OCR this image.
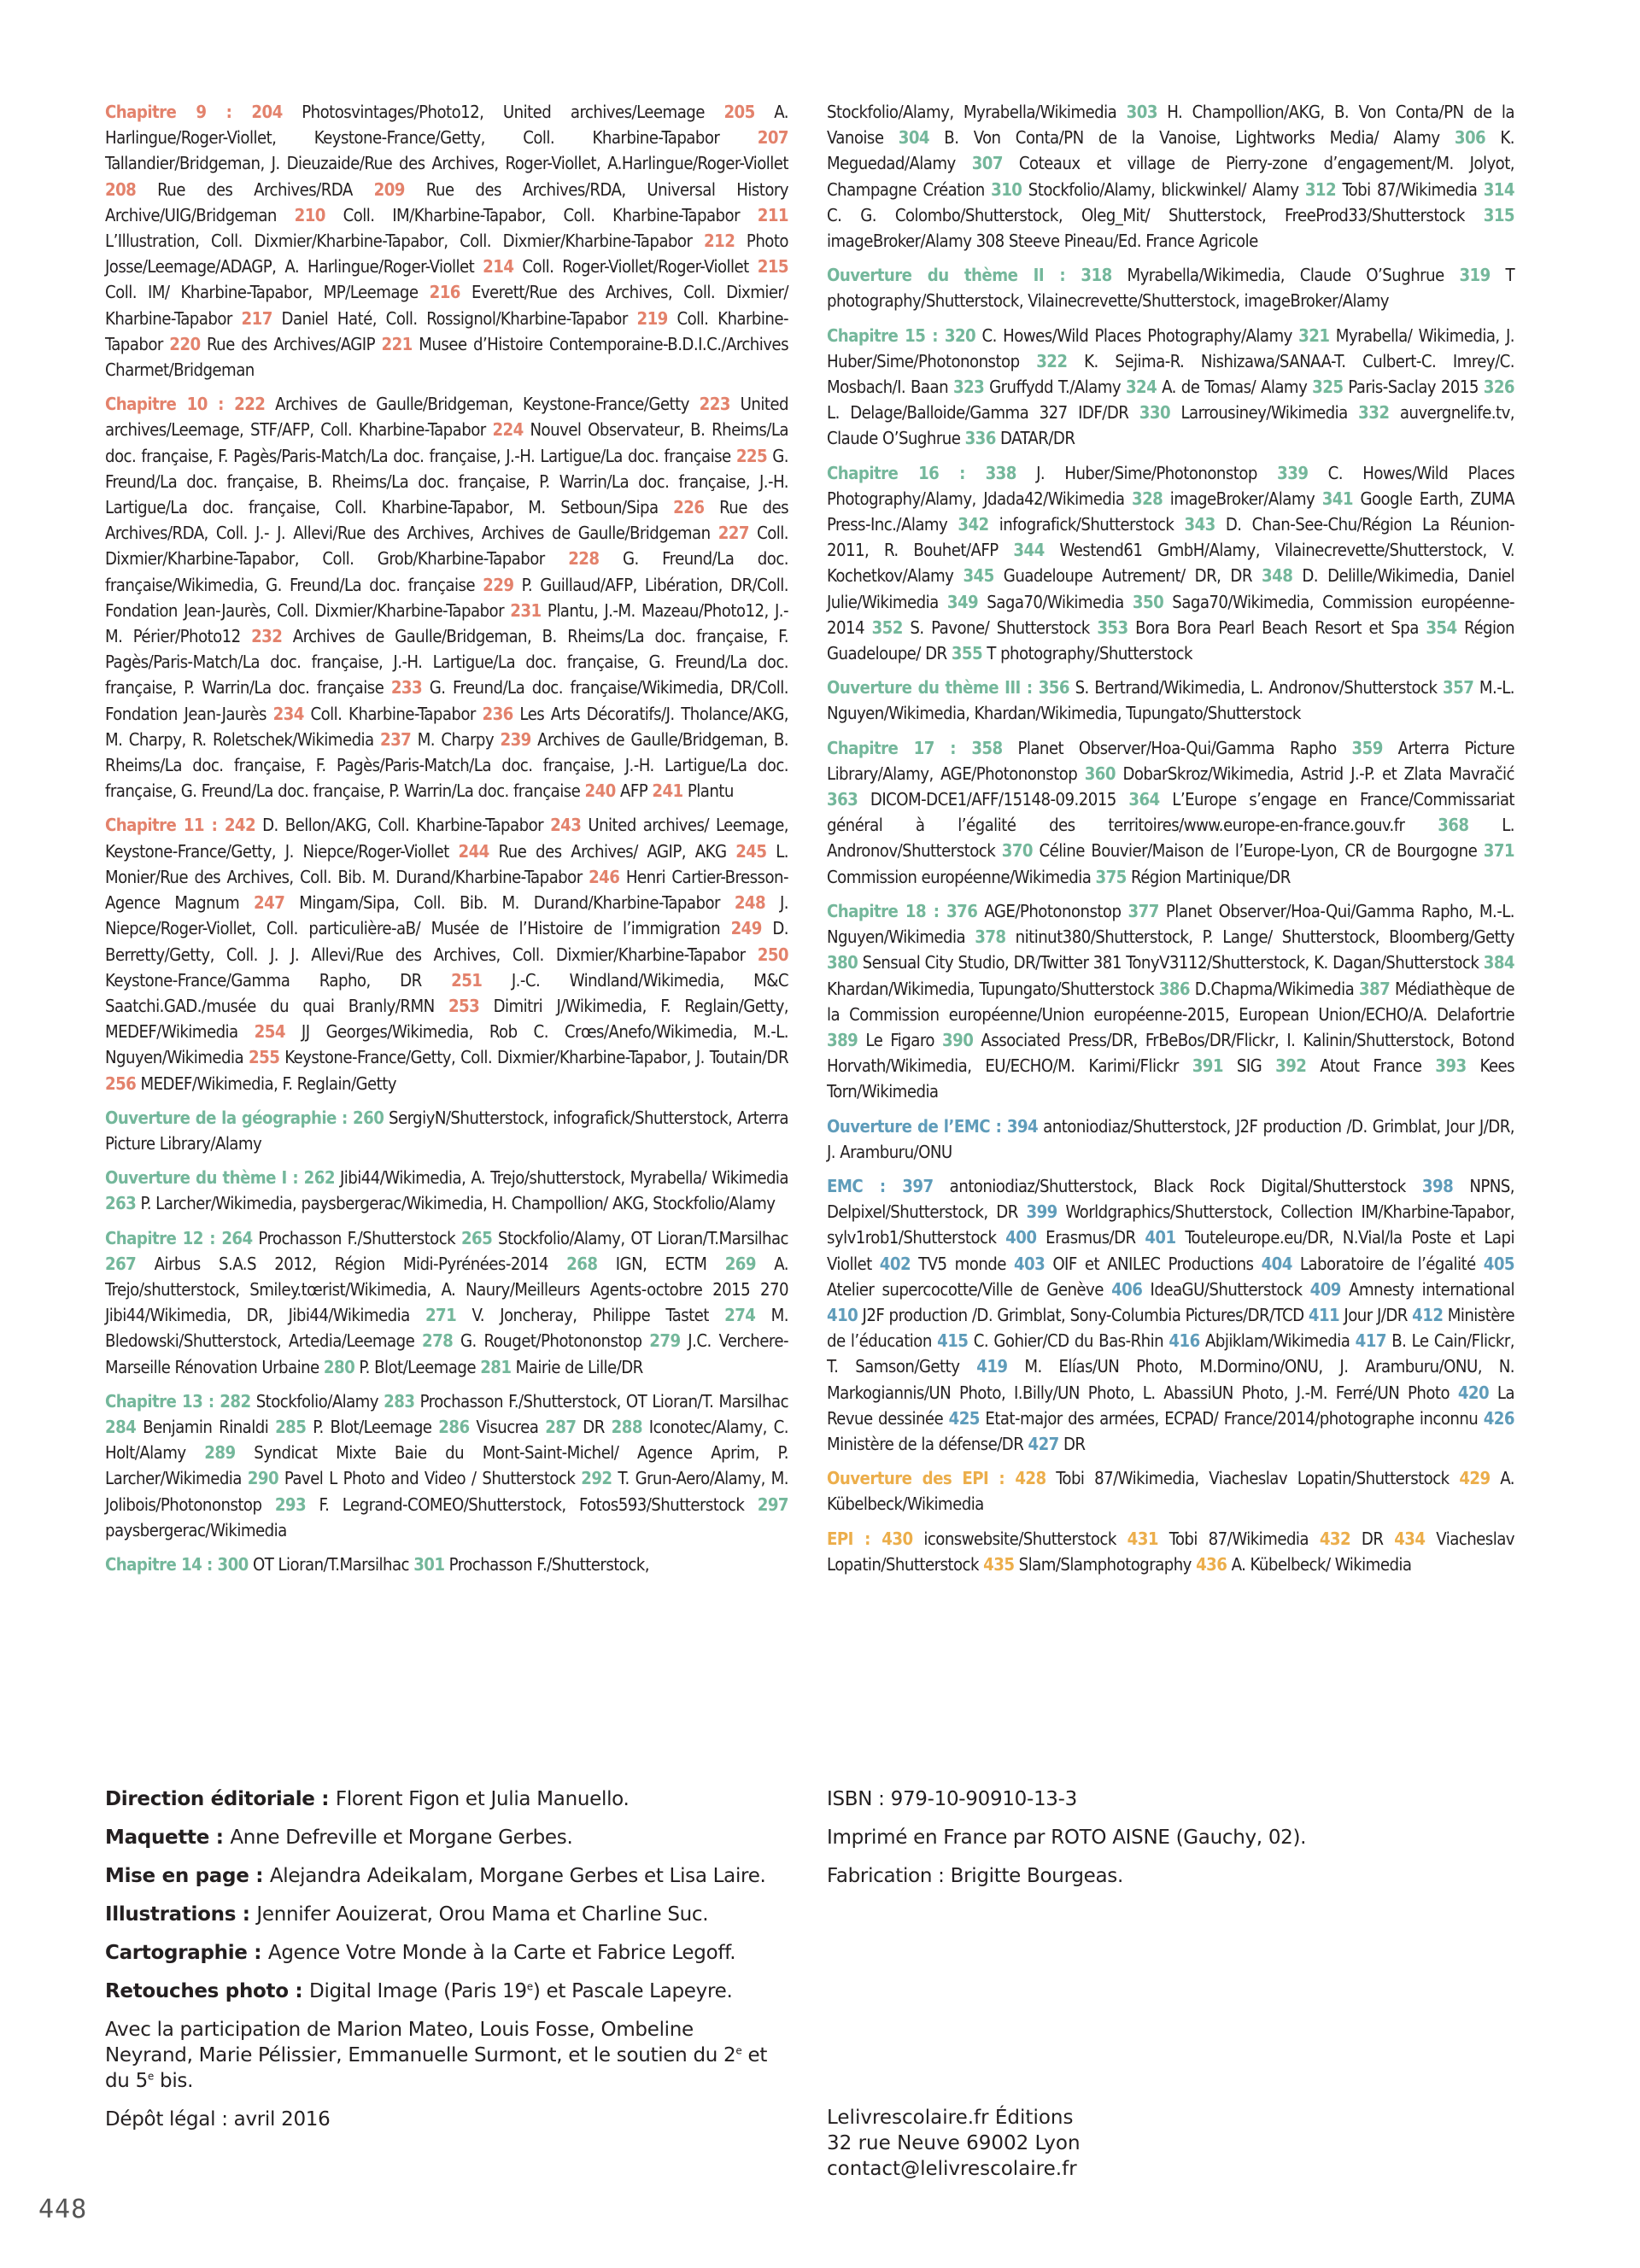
Chapitre 9 : 204 Photosvintages/Photo12, United archives/Leemage 205 A. Harlingue/Roger-Viollet, Keystone-France/Getty, Coll. Kharbine-Tapabor 207 Tallandier/Bridgeman, J. Dieuzaide/Rue des Archives, Roger-Viollet, A.Harlingue/Roger-Viollet 208 Rue des Archives/RDA 209 Rue des Archives/RDA, Universal History Archive/UIG/Bridgeman 210 Coll. IM/Kharbine-Tapabor, Coll. Kharbine-Tapabor 211 L’Illustration, Coll. Dixmier/Kharbine-Tapabor, Coll. Dixmier/Kharbine-Tapabor 212 Photo Josse/Leemage/ADAGP, A. Harlingue/Roger-Viollet 214 Coll. Roger-Viollet/Roger-Viollet 215 Coll. IM/ Kharbine-Tapabor, MP/Leemage 216 Everett/Rue des Archives, Coll. Dixmier/ Kharbine-Tapabor 217 Daniel Haté, Coll. Rossignol/Kharbine-Tapabor 219 Coll. Kharbine-Tapabor 220 Rue des Archives/AGIP 221 Musee d’Histoire Contemporaine-B.D.I.C./Archives Charmet/Bridgeman
Chapitre 10 : 222 Archives de Gaulle/Bridgeman, Keystone-France/Getty 223 United archives/Leemage, STF/AFP, Coll. Kharbine-Tapabor 224 Nouvel Observateur, B. Rheims/La doc. française, F. Pagès/Paris-Match/La doc. française, J.-H. Lartigue/La doc. française 225 G. Freund/La doc. française, B. Rheims/La doc. française, P. Warrin/La doc. française, J.-H. Lartigue/La doc. française, Coll. Kharbine-Tapabor, M. Setboun/Sipa 226 Rue des Archives/RDA, Coll. J.- J. Allevi/Rue des Archives, Archives de Gaulle/Bridgeman 227 Coll. Dixmier/Kharbine-Tapabor, Coll. Grob/Kharbine-Tapabor 228 G. Freund/La doc. française/Wikimedia, G. Freund/La doc. française 229 P. Guillaud/AFP, Libération, DR/Coll. Fondation Jean-Jaurès, Coll. Dixmier/Kharbine-Tapabor 231 Plantu, J.-M. Mazeau/Photo12, J.-M. Périer/Photo12 232 Archives de Gaulle/Bridgeman, B. Rheims/La doc. française, F. Pagès/Paris-Match/La doc. française, J.-H. Lartigue/La doc. française, G. Freund/La doc. française, P. Warrin/La doc. française 233 G. Freund/La doc. française/Wikimedia, DR/Coll. Fondation Jean-Jaurès 234 Coll. Kharbine-Tapabor 236 Les Arts Décoratifs/J. Tholance/AKG, M. Charpy, R. Roletschek/Wikimedia 237 M. Charpy 239 Archives de Gaulle/Bridgeman, B. Rheims/La doc. française, F. Pagès/Paris-Match/La doc. française, J.-H. Lartigue/La doc. française, G. Freund/La doc. française, P. Warrin/La doc. française 240 AFP 241 Plantu
Chapitre 11 : 242 D. Bellon/AKG, Coll. Kharbine-Tapabor 243 United archives/ Leemage, Keystone-France/Getty, J. Niepce/Roger-Viollet 244 Rue des Archives/ AGIP, AKG 245 L. Monier/Rue des Archives, Coll. Bib. M. Durand/Kharbine-Tapabor 246 Henri Cartier-Bresson-Agence Magnum 247 Mingam/Sipa, Coll. Bib. M. Durand/Kharbine-Tapabor 248 J. Niepce/Roger-Viollet, Coll. particulière-aB/ Musée de l’Histoire de l’immigration 249 D. Berretty/Getty, Coll. J. J. Allevi/Rue des Archives, Coll. Dixmier/Kharbine-Tapabor 250 Keystone-France/Gamma Rapho, DR 251 J.-C. Windland/Wikimedia, M&C Saatchi.GAD./musée du quai Branly/RMN 253 Dimitri J/Wikimedia, F. Reglain/Getty, MEDEF/Wikimedia 254 JJ Georges/Wikimedia, Rob C. Crœs/Anefo/Wikimedia, M.-L. Nguyen/Wikimedia 255 Keystone-France/Getty, Coll. Dixmier/Kharbine-Tapabor, J. Toutain/DR 256 MEDEF/Wikimedia, F. Reglain/Getty
Ouverture de la géographie : 260 SergiyN/Shutterstock, infografick/Shutterstock, Arterra Picture Library/Alamy
Ouverture du thème I : 262 Jibi44/Wikimedia, A. Trejo/shutterstock, Myrabella/ Wikimedia 263 P. Larcher/Wikimedia, paysbergerac/Wikimedia, H. Champollion/ AKG, Stockfolio/Alamy
Chapitre 12 : 264 Prochasson F./Shutterstock 265 Stockfolio/Alamy, OT Lioran/T.Marsilhac 267 Airbus S.A.S 2012, Région Midi-Pyrénées-2014 268 IGN, ECTM 269 A. Trejo/shutterstock, Smiley.tœrist/Wikimedia, A. Naury/Meilleurs Agents-octobre 2015 270 Jibi44/Wikimedia, DR, Jibi44/Wikimedia 271 V. Joncheray, Philippe Tastet 274 M. Bledowski/Shutterstock, Artedia/Leemage 278 G. Rouget/Photononstop 279 J.C. Verchere-Marseille Rénovation Urbaine 280 P. Blot/Leemage 281 Mairie de Lille/DR
Chapitre 13 : 282 Stockfolio/Alamy 283 Prochasson F./Shutterstock, OT Lioran/T. Marsilhac 284 Benjamin Rinaldi 285 P. Blot/Leemage 286 Visucrea 287 DR 288 Iconotec/Alamy, C. Holt/Alamy 289 Syndicat Mixte Baie du Mont-Saint-Michel/ Agence Aprim, P. Larcher/Wikimedia 290 Pavel L Photo and Video / Shutterstock 292 T. Grun-Aero/Alamy, M. Jolibois/Photononstop 293 F. Legrand-COMEO/Shutterstock, Fotos593/Shutterstock 297 paysbergerac/Wikimedia
Chapitre 14 : 300 OT Lioran/T.Marsilhac 301 Prochasson F./Shutterstock,
Stockfolio/Alamy, Myrabella/Wikimedia 303 H. Champollion/AKG, B. Von Conta/PN de la Vanoise 304 B. Von Conta/PN de la Vanoise, Lightworks Media/ Alamy 306 K. Meguedad/Alamy 307 Coteaux et village de Pierry-zone d’engagement/M. Jolyot, Champagne Création 310 Stockfolio/Alamy, blickwinkel/ Alamy 312 Tobi 87/Wikimedia 314 C. G. Colombo/Shutterstock, Oleg_Mit/ Shutterstock, FreeProd33/Shutterstock 315 imageBroker/Alamy 308 Steeve Pineau/Ed. France Agricole
Ouverture du thème II : 318 Myrabella/Wikimedia, Claude O’Sughrue 319 T photography/Shutterstock, Vilainecrevette/Shutterstock, imageBroker/Alamy
Chapitre 15 : 320 C. Howes/Wild Places Photography/Alamy 321 Myrabella/ Wikimedia, J. Huber/Sime/Photononstop 322 K. Sejima-R. Nishizawa/SANAA-T. Culbert-C. Imrey/C. Mosbach/I. Baan 323 Gruffydd T./Alamy 324 A. de Tomas/ Alamy 325 Paris-Saclay 2015 326 L. Delage/Balloide/Gamma 327 IDF/DR 330 Larrousiney/Wikimedia 332 auvergnelife.tv, Claude O’Sughrue 336 DATAR/DR
Chapitre 16 : 338 J. Huber/Sime/Photononstop 339 C. Howes/Wild Places Photography/Alamy, Jdada42/Wikimedia 328 imageBroker/Alamy 341 Google Earth, ZUMA Press-Inc./Alamy 342 infografick/Shutterstock 343 D. Chan-See-Chu/Région La Réunion-2011, R. Bouhet/AFP 344 Westend61 GmbH/Alamy, Vilainecrevette/Shutterstock, V. Kochetkov/Alamy 345 Guadeloupe Autrement/ DR, DR 348 D. Delille/Wikimedia, Daniel Julie/Wikimedia 349 Saga70/Wikimedia 350 Saga70/Wikimedia, Commission européenne-2014 352 S. Pavone/ Shutterstock 353 Bora Bora Pearl Beach Resort et Spa 354 Région Guadeloupe/ DR 355 T photography/Shutterstock
Ouverture du thème III : 356 S. Bertrand/Wikimedia, L. Andronov/Shutterstock 357 M.-L. Nguyen/Wikimedia, Khardan/Wikimedia, Tupungato/Shutterstock
Chapitre 17 : 358 Planet Observer/Hoa-Qui/Gamma Rapho 359 Arterra Picture Library/Alamy, AGE/Photononstop 360 DobarSkroz/Wikimedia, Astrid J.-P. et Zlata Mavračić 363 DICOM-DCE1/AFF/15148-09.2015 364 L’Europe s’engage en France/Commissariat général à l’égalité des territoires/www.europe-en-france.gouv.fr 368 L. Andronov/Shutterstock 370 Céline Bouvier/Maison de l’Europe-Lyon, CR de Bourgogne 371 Commission européenne/Wikimedia 375 Région Martinique/DR
Chapitre 18 : 376 AGE/Photononstop 377 Planet Observer/Hoa-Qui/Gamma Rapho, M.-L. Nguyen/Wikimedia 378 nitinut380/Shutterstock, P. Lange/ Shutterstock, Bloomberg/Getty 380 Sensual City Studio, DR/Twitter 381 TonyV3112/Shutterstock, K. Dagan/Shutterstock 384 Khardan/Wikimedia, Tupungato/Shutterstock 386 D.Chapma/Wikimedia 387 Médiathèque de la Commission européenne/Union européenne-2015, European Union/ECHO/A. Delafortrie 389 Le Figaro 390 Associated Press/DR, FrBeBos/DR/Flickr, I. Kalinin/Shutterstock, Botond Horvath/Wikimedia, EU/ECHO/M. Karimi/Flickr 391 SIG 392 Atout France 393 Kees Torn/Wikimedia
Ouverture de l’EMC : 394 antoniodiaz/Shutterstock, J2F production /D. Grimblat, Jour J/DR, J. Aramburu/ONU
EMC : 397 antoniodiaz/Shutterstock, Black Rock Digital/Shutterstock 398 NPNS, Delpixel/Shutterstock, DR 399 Worldgraphics/Shutterstock, Collection IM/Kharbine-Tapabor, sylv1rob1/Shutterstock 400 Erasmus/DR 401 Touteleurope.eu/DR, N.Vial/la Poste et Lapi Viollet 402 TV5 monde 403 OIF et ANILEC Productions 404 Laboratoire de l’égalité 405 Atelier supercocotte/Ville de Genève 406 IdeaGU/Shutterstock 409 Amnesty international 410 J2F production /D. Grimblat, Sony-Columbia Pictures/DR/TCD 411 Jour J/DR 412 Ministère de l’éducation 415 C. Gohier/CD du Bas-Rhin 416 Abjiklam/Wikimedia 417 B. Le Cain/Flickr, T. Samson/Getty 419 M. Elías/UN Photo, M.Dormino/ONU, J. Aramburu/ONU, N. Markogiannis/UN Photo, I.Billy/UN Photo, L. AbassiUN Photo, J.-M. Ferré/UN Photo 420 La Revue dessinée 425 Etat-major des armées, ECPAD/ France/2014/photographe inconnu 426 Ministère de la défense/DR 427 DR
Ouverture des EPI : 428 Tobi 87/Wikimedia, Viacheslav Lopatin/Shutterstock 429 A. Kübelbeck/Wikimedia
EPI : 430 iconswebsite/Shutterstock 431 Tobi 87/Wikimedia 432 DR 434 Viacheslav Lopatin/Shutterstock 435 Slam/Slamphotography 436 A. Kübelbeck/ Wikimedia
Direction éditoriale : Florent Figon et Julia Manuello.
Maquette : Anne Defreville et Morgane Gerbes.
Mise en page : Alejandra Adeikalam, Morgane Gerbes et Lisa Laire.
Illustrations : Jennifer Aouizerat, Orou Mama et Charline Suc.
Cartographie : Agence Votre Monde à la Carte et Fabrice Legoff.
Retouches photo : Digital Image (Paris 19e) et Pascale Lapeyre.
Avec la participation de Marion Mateo, Louis Fosse, Ombeline Neyrand, Marie Pélissier, Emmanuelle Surmont, et le soutien du 2e et du 5e bis.
Dépôt légal : avril 2016
ISBN : 979-10-90910-13-3
Imprimé en France par ROTO AISNE (Gauchy, 02).
Fabrication : Brigitte Bourgeas.
Lelivrescolaire.fr Éditions
32 rue Neuve 69002 Lyon
contact@lelivrescolaire.fr
448
